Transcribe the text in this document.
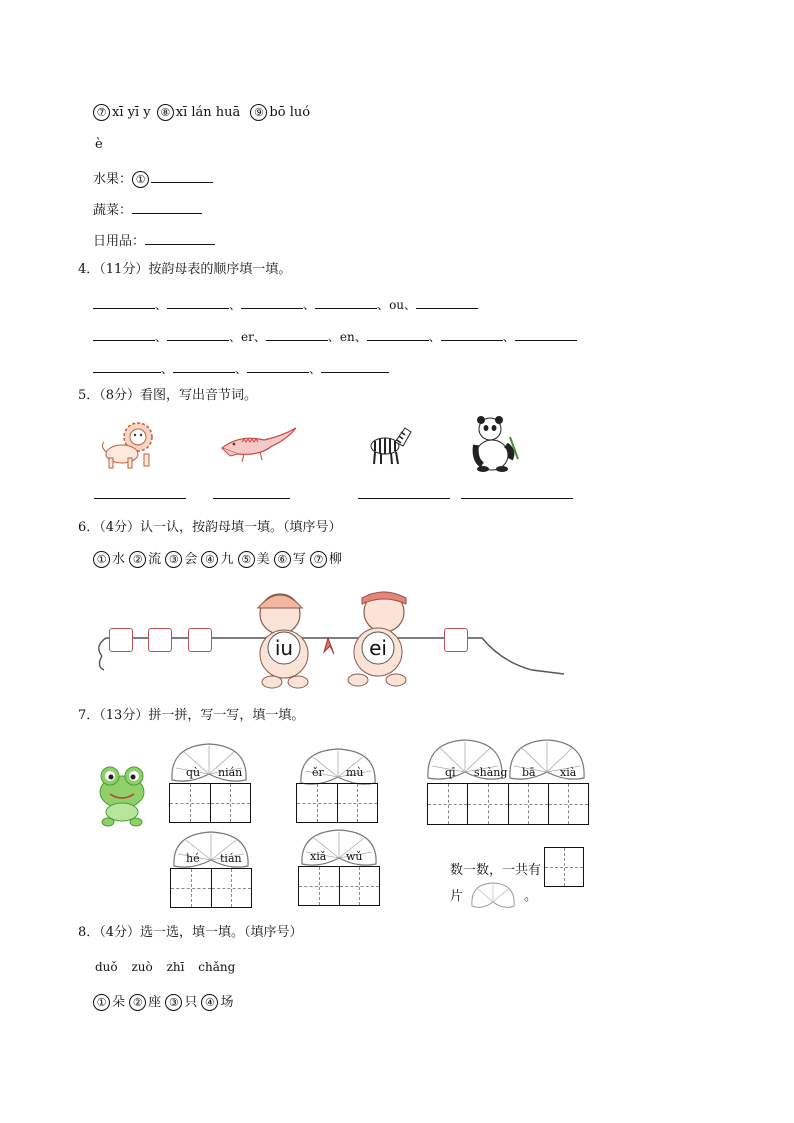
⑦ xī yī y ⑧ xī lán huā ⑨ bō luó
è
水果： ①
蔬菜：
日用品：
4．（11分）按韵母表的顺序填一填。
、	、	、	、ou、
、	、er、	、en、	、	、
、	、	、
5．（8分）看图，写出音节词。
6．（4分）认一认，按韵母填一填。（填序号）
① 水 ② 流 ③ 会 ④ 九 ⑤ 美 ⑥ 写 ⑦ 柳
iu	ei
7．（13分）拼一拼，写一写，填一填。
qù nián	ěr mù	qī shàng bā xià
hé tián	xiǎ wǔ
数一数，一共有
片	。
8．（4分）选一选，填一填。（填序号）
duǒ zuò zhī chǎng
① 朵 ② 座 ③ 只 ④ 场
